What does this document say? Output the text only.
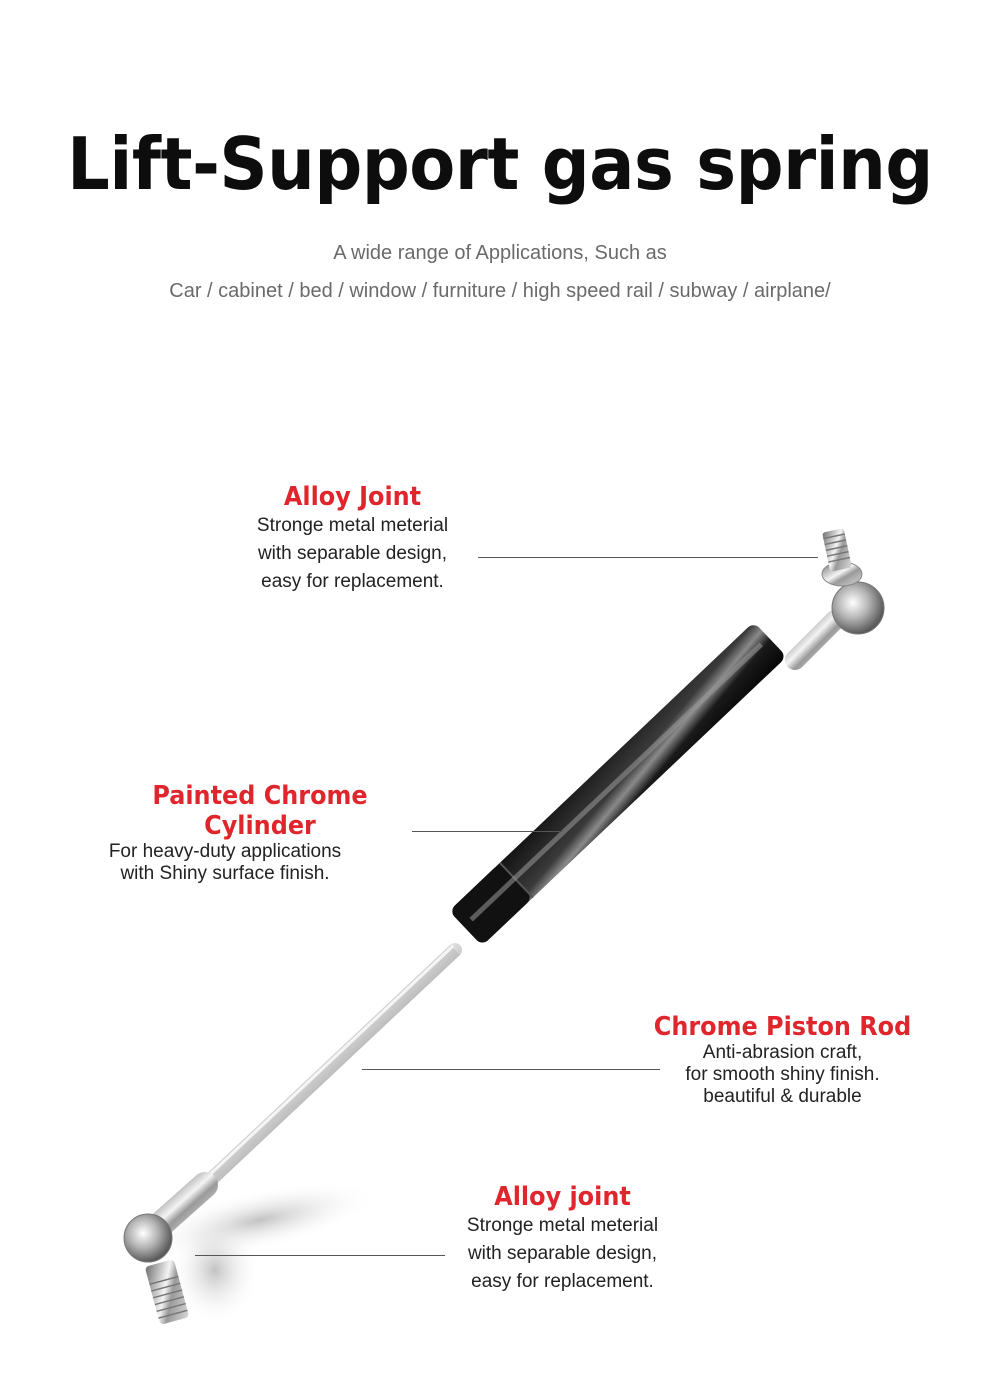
Lift-Support gas spring
A wide range of Applications, Such as
Car / cabinet / bed / window / furniture / high speed rail / subway / airplane/
Alloy Joint
Stronge metal meterial
with separable design,
easy for replacement.
Painted Chrome Cylinder
For heavy-duty applications
with Shiny surface finish.
Chrome Piston Rod
Anti-abrasion craft,
for smooth shiny finish.
beautiful & durable
Alloy joint
Stronge metal meterial
with separable design,
easy for replacement.
